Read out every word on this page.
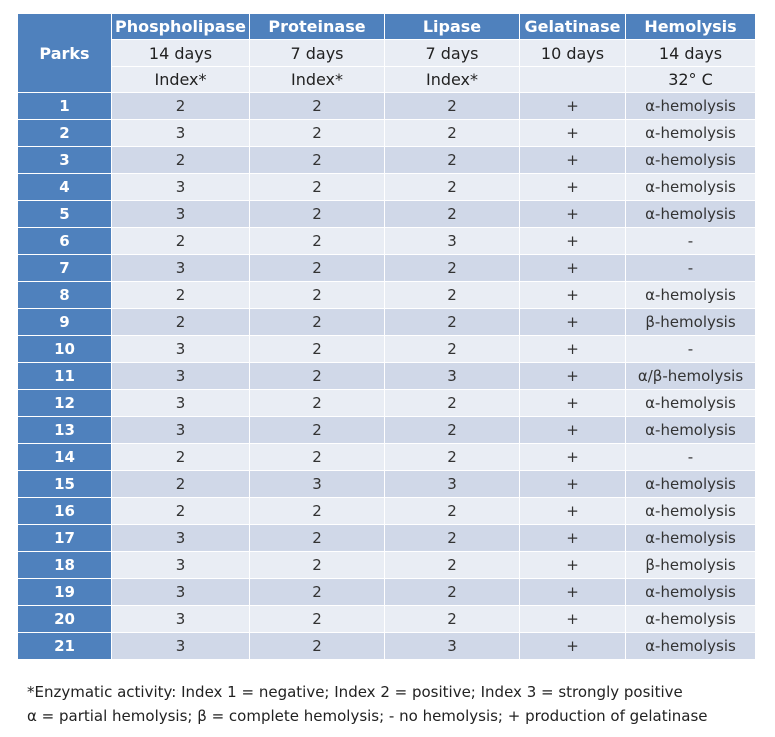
Parks	Phospholipase	Proteinase	Lipase	Gelatinase	Hemolysis
	14 days	7 days	7 days	10 days	14 days
	Index*	Index*	Index*		32° C
1	2	2	2	+	α-hemolysis
2	3	2	2	+	α-hemolysis
3	2	2	2	+	α-hemolysis
4	3	2	2	+	α-hemolysis
5	3	2	2	+	α-hemolysis
6	2	2	3	+	-
7	3	2	2	+	-
8	2	2	2	+	α-hemolysis
9	2	2	2	+	β-hemolysis
10	3	2	2	+	-
11	3	2	3	+	α/β-hemolysis
12	3	2	2	+	α-hemolysis
13	3	2	2	+	α-hemolysis
14	2	2	2	+	-
15	2	3	3	+	α-hemolysis
16	2	2	2	+	α-hemolysis
17	3	2	2	+	α-hemolysis
18	3	2	2	+	β-hemolysis
19	3	2	2	+	α-hemolysis
20	3	2	2	+	α-hemolysis
21	3	2	3	+	α-hemolysis
*Enzymatic activity: Index 1 = negative; Index 2 = positive; Index 3 = strongly positive
α = partial hemolysis; β = complete hemolysis; - no hemolysis; + production of gelatinase
